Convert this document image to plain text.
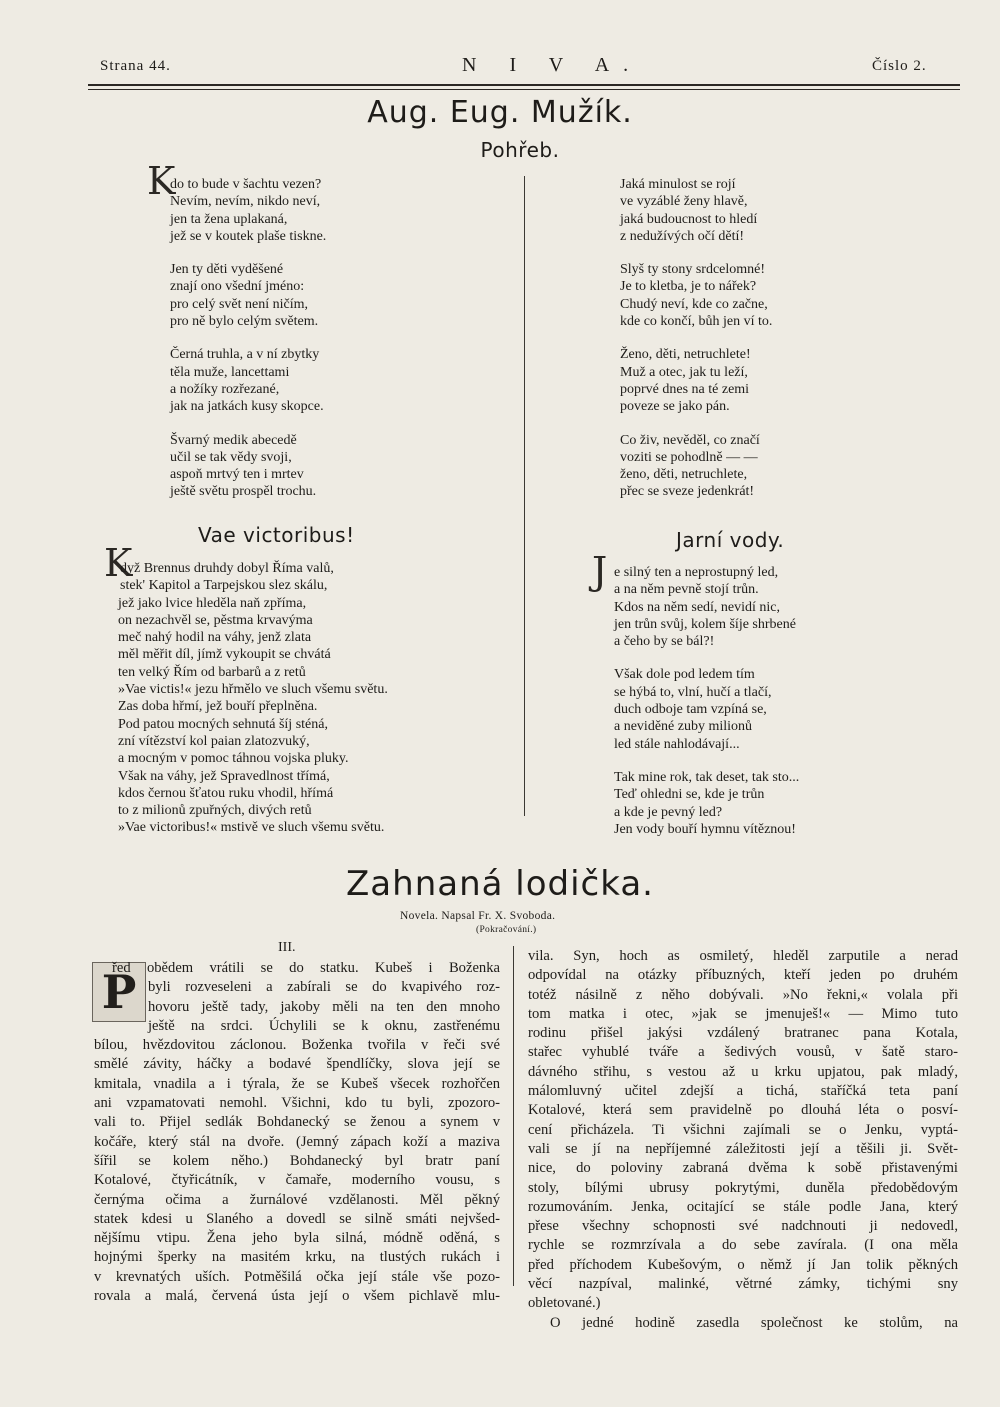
Strana 44.	N I V A.	Číslo 2.
Aug. Eug. Mužík.
Pohřeb.
K
do to bude v šachtu vezen?
Nevím, nevím, nikdo neví,
jen ta žena uplakaná,
jež se v koutek plaše tiskne.
Jen ty děti vyděšené
znají ono všední jméno:
pro celý svět není ničím,
pro ně bylo celým světem.
Černá truhla, a v ní zbytky
těla muže, lancettami
a nožíky rozřezané,
jak na jatkách kusy skopce.
Švarný medik abecedě
učil se tak vědy svoji,
aspoň mrtvý ten i mrtev
ještě světu prospěl trochu.
Jaká minulost se rojí
ve vyzáblé ženy hlavě,
jaká budoucnost to hledí
z nedužívých očí dětí!
Slyš ty stony srdcelomné!
Je to kletba, je to nářek?
Chudý neví, kde co začne,
kde co končí, bůh jen ví to.
Ženo, děti, netruchlete!
Muž a otec, jak tu leží,
poprvé dnes na té zemi
poveze se jako pán.
Co živ, nevěděl, co značí
voziti se pohodlně — —
ženo, děti, netruchlete,
přec se sveze jedenkrát!
Vae victoribus!
K
dyž Brennus druhdy dobyl Říma valů,
stek' Kapitol a Tarpejskou slez skálu,
jež jako lvice hleděla naň zpříma,
on nezachvěl se, pěstma krvavýma
meč nahý hodil na váhy, jenž zlata
měl měřit díl, jímž vykoupit se chvátá
ten velký Řím od barbarů a z retů
»Vae victis!« jezu hřmělo ve sluch všemu světu.
Zas doba hřmí, jež bouří přeplněna.
Pod patou mocných sehnutá šíj sténá,
zní vítězství kol paian zlatozvuký,
a mocným v pomoc táhnou vojska pluky.
Však na váhy, jež Spravedlnost třímá,
kdos černou šťatou ruku vhodil, hřímá
to z milionů zpuřných, divých retů
»Vae victoribus!« mstivě ve sluch všemu světu.
Jarní vody.
J e silný ten a neprostupný led,
a na něm pevně stojí trůn.
Kdos na něm sedí, nevidí nic,
jen trůn svůj, kolem šíje shrbené
a čeho by se bál?!
Však dole pod ledem tím
se hýbá to, vlní, hučí a tlačí,
duch odboje tam vzpíná se,
a neviděné zuby milionů
led stále nahlodávají...
Tak mine rok, tak deset, tak sto...
Teď ohledni se, kde je trůn
a kde je pevný led?
Jen vody bouří hymnu vítěznou!
Zahnaná lodička.
Novela. Napsal Fr. X. Svoboda.
(Pokračování.)
III.
P
řed obědem vrátili se do statku. Kubeš i Boženka
byli rozveseleni a zabírali se do kvapivého roz-
hovoru ještě tady, jakoby měli na ten den mnoho
ještě na srdci. Úchylili se k oknu, zastřenému
bílou, hvězdovitou záclonou. Boženka tvořila v řeči své
smělé závity, háčky a bodavé špendlíčky, slova její se
kmitala, vnadila a i týrala, že se Kubeš všecek rozhořčen
ani vzpamatovati nemohl. Všichni, kdo tu byli, zpozoro-
vali to. Přijel sedlák Bohdanecký se ženou a synem v
kočáře, který stál na dvoře. (Jemný zápach koží a maziva
šířil se kolem něho.) Bohdanecký byl bratr paní
Kotalové, čtyřicátník, v čamaře, moderního vousu, s
černýma očima a žurnálové vzdělanosti. Měl pěkný
statek kdesi u Slaného a dovedl se silně smáti nejvšed-
nějšímu vtipu. Žena jeho byla silná, módně oděná, s
hojnými šperky na masitém krku, na tlustých rukách i
v krevnatých uších. Potměšilá očka její stále vše pozo-
rovala a malá, červená ústa její o všem pichlavě mlu-
vila. Syn, hoch as osmiletý, hleděl zarputile a nerad
odpovídal na otázky příbuzných, kteří jeden po druhém
totéž násilně z něho dobývali. »No řekni,« volala při
tom matka i otec, »jak se jmenuješ!« — Mimo tuto
rodinu přišel jakýsi vzdálený bratranec pana Kotala,
stařec vyhublé tváře a šedivých vousů, v šatě staro-
dávného střihu, s vestou až u krku upjatou, pak mladý,
málomluvný učitel zdejší a tichá, staříčká teta paní
Kotalové, která sem pravidelně po dlouhá léta o posví-
cení přicházela. Ti všichni zajímali se o Jenku, vyptá-
vali se jí na nepříjemné záležitosti její a těšili ji. Svět-
nice, do poloviny zabraná dvěma k sobě přistavenými
stoly, bílými ubrusy pokrytými, duněla předobědovým
rozumováním. Jenka, ocitající se stále podle Jana, který
přese všechny schopnosti své nadchnouti ji nedovedl,
rychle se rozmrzívala a do sebe zavírala. (I ona měla
před příchodem Kubešovým, o němž jí Jan tolik pěkných
věcí nazpíval, malinké, větrné zámky, tichými sny
obletované.)
O jedné hodině zasedla společnost ke stolům, na
